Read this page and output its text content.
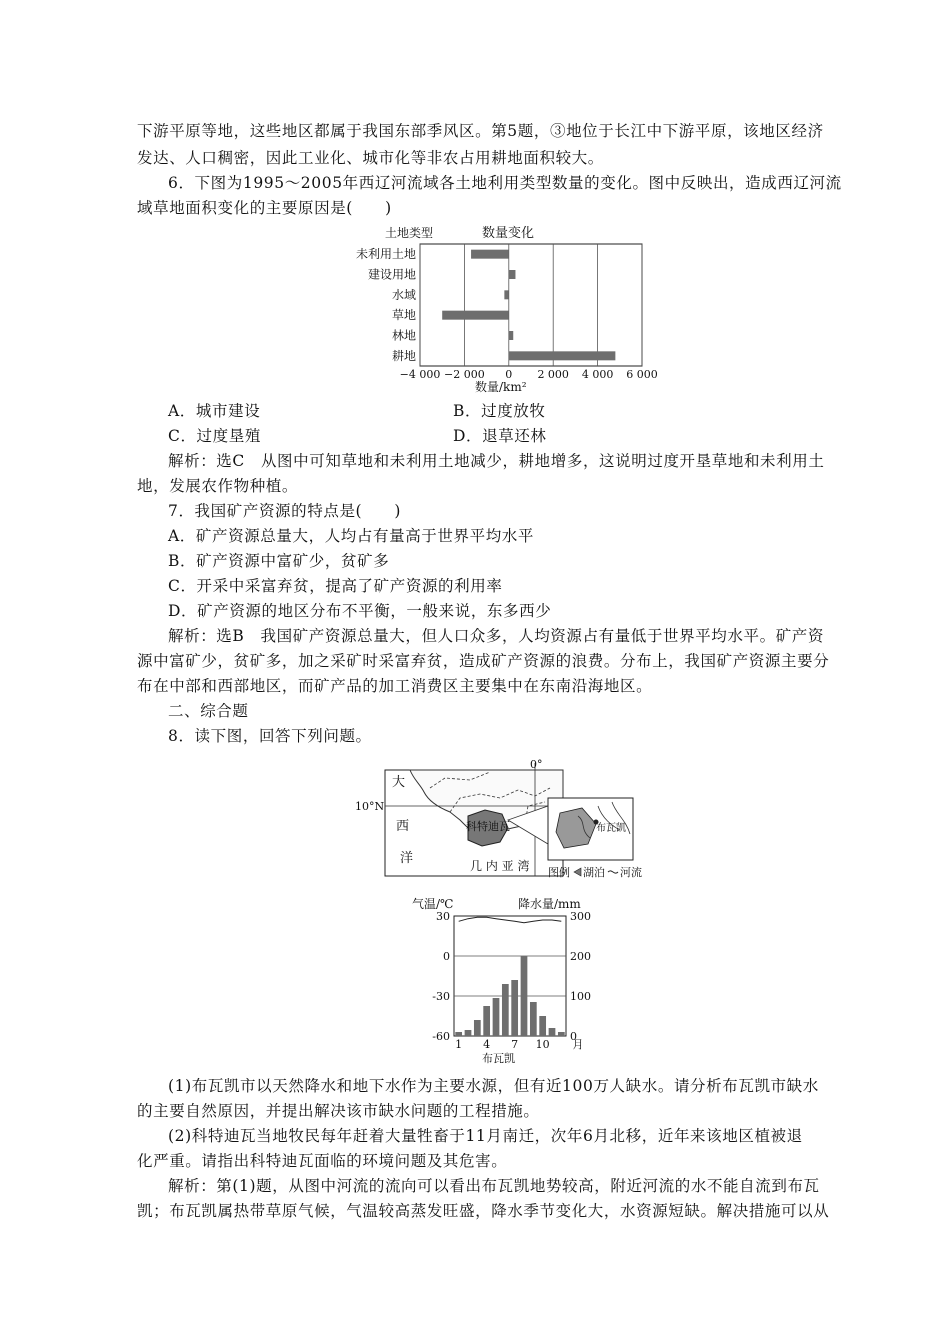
下游平原等地，这些地区都属于我国东部季风区。第5题，③地位于长江中下游平原，该地区经济
发达、人口稠密，因此工业化、城市化等非农占用耕地面积较大。
6．下图为1995～2005年西辽河流域各土地利用类型数量的变化。图中反映出，造成西辽河流
域草地面积变化的主要原因是(　　)
土地类型	数量变化
未利用土地
建设用地
水域
草地
林地
耕地
−4 000 −2 000 0 2 000 4 000 6 000
数量/km²
A．城市建设	B．过度放牧
C．过度垦殖	D．退草还林
解析：选C　从图中可知草地和未利用土地减少，耕地增多，这说明过度开垦草地和未利用土
地，发展农作物种植。
7．我国矿产资源的特点是(　　)
A．矿产资源总量大，人均占有量高于世界平均水平
B．矿产资源中富矿少，贫矿多
C．开采中采富弃贫，提高了矿产资源的利用率
D．矿产资源的地区分布不平衡，一般来说，东多西少
解析：选B　我国矿产资源总量大，但人口众多，人均资源占有量低于世界平均水平。矿产资
源中富矿少，贫矿多，加之采矿时采富弃贫，造成矿产资源的浪费。分布上，我国矿产资源主要分
布在中部和西部地区，而矿产品的加工消费区主要集中在东南沿海地区。
二、综合题
8．读下图，回答下列问题。
大
西
洋
10°N
0°
科特迪瓦
几 内 亚 湾
布瓦凯
图例 湖泊 河流
气温/℃	降水量/mm
30
0
-30
-60
300
200
100
0
1 4 7 10 月
布瓦凯
(1)布瓦凯市以天然降水和地下水作为主要水源，但有近100万人缺水。请分析布瓦凯市缺水
的主要自然原因，并提出解决该市缺水问题的工程措施。
(2)科特迪瓦当地牧民每年赶着大量牲畜于11月南迁，次年6月北移，近年来该地区植被退
化严重。请指出科特迪瓦面临的环境问题及其危害。
解析：第(1)题，从图中河流的流向可以看出布瓦凯地势较高，附近河流的水不能自流到布瓦
凯；布瓦凯属热带草原气候，气温较高蒸发旺盛，降水季节变化大，水资源短缺。解决措施可以从
